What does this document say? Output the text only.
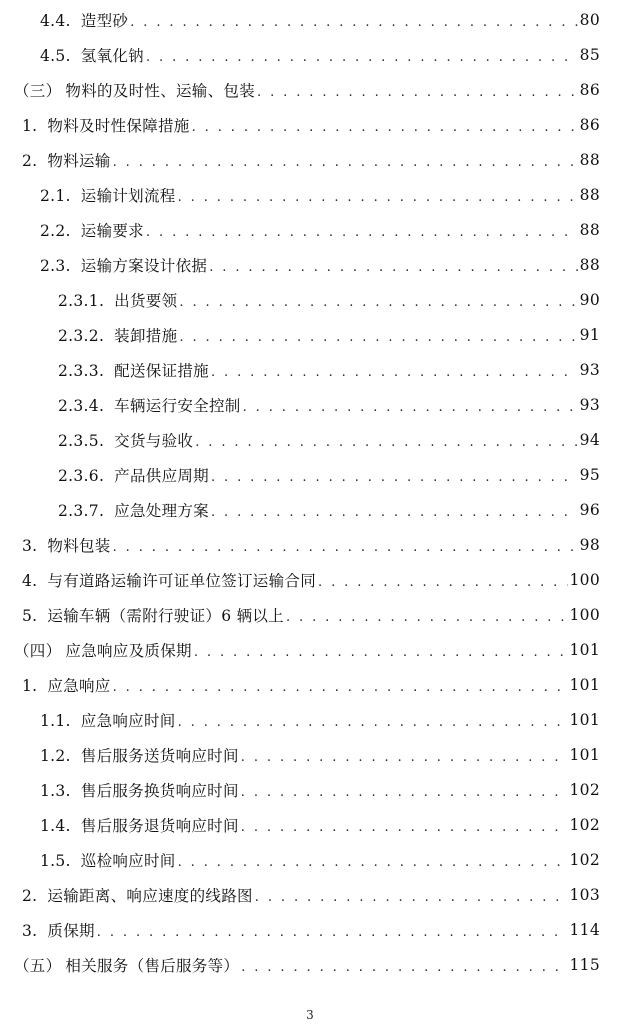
4.4. 造型砂 . . .	80
4.5. 氢氧化钠 . . .	85
（三） 物料的及时性、运输、包装 . . .	86
1. 物料及时性保障措施 . . .	86
2. 物料运输 . . .	88
2.1. 运输计划流程 . . .	88
2.2. 运输要求 . . .	88
2.3. 运输方案设计依据 . . .	88
2.3.1. 出货要领 . . .	90
2.3.2. 装卸措施 . . .	91
2.3.3. 配送保证措施 . . .	93
2.3.4. 车辆运行安全控制 . . .	93
2.3.5. 交货与验收 . . .	94
2.3.6. 产品供应周期 . . .	95
2.3.7. 应急处理方案 . . .	96
3. 物料包装 . . .	98
4. 与有道路运输许可证单位签订运输合同 . . .	100
5. 运输车辆（需附行驶证）6 辆以上 . . .	100
（四） 应急响应及质保期 . . .	101
1. 应急响应 . . .	101
1.1. 应急响应时间 . . .	101
1.2. 售后服务送货响应时间 . . .	101
1.3. 售后服务换货响应时间 . . .	102
1.4. 售后服务退货响应时间 . . .	102
1.5. 巡检响应时间 . . .	102
2. 运输距离、响应速度的线路图 . . .	103
3. 质保期 . . .	114
（五） 相关服务（售后服务等） . . .	115
3
